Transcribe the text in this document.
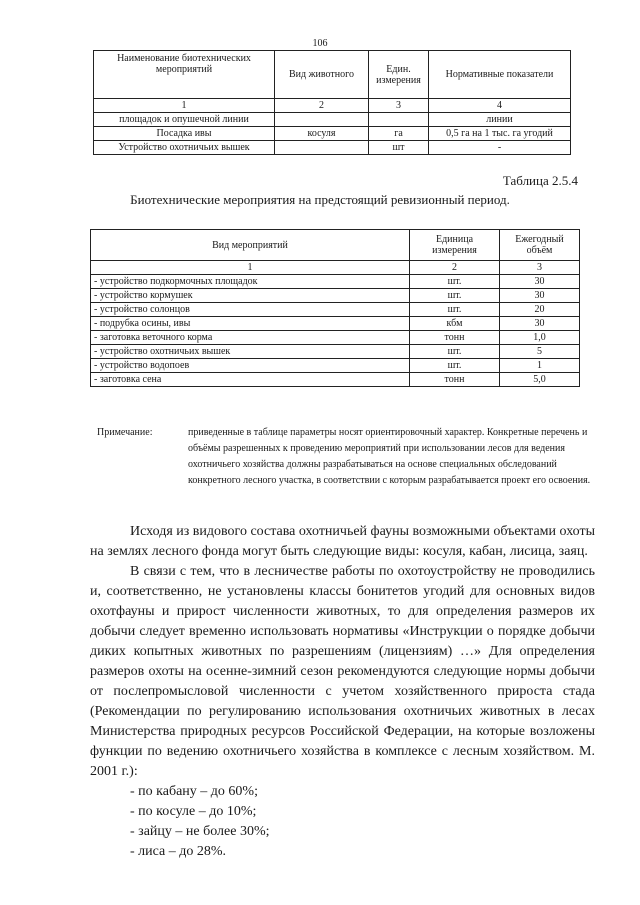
106
Наименование биотехнических мероприятий	Вид животного	Един. измерения	Нормативные показатели
1	2	3	4
площадок и опушечной линии			линии
Посадка ивы	косуля	га	0,5 га на 1 тыс. га угодий
Устройство охотничьих вышек		шт	-
Таблица 2.5.4
Биотехнические мероприятия на предстоящий ревизионный период.
Вид мероприятий	Единица измерения	Ежегодный объём
1	2	3
- устройство подкормочных площадок	шт.	30
- устройство кормушек	шт.	30
- устройство солонцов	шт.	20
- подрубка осины, ивы	кбм	30
- заготовка веточного корма	тонн	1,0
- устройство охотничьих вышек	шт.	5
- устройство водопоев	шт.	1
- заготовка сена	тонн	5,0
Примечание:	приведенные в таблице параметры носят ориентировочный характер. Конкретные перечень и объёмы разрешенных к проведению мероприятий при использовании лесов для ведения охотничьего хозяйства должны разрабатываться на основе специальных обследований конкретного лесного участка, в соответствии с которым разрабатывается проект его освоения.

Исходя из видового состава охотничьей фауны возможными объектами охоты на землях лесного фонда могут быть следующие виды: косуля, кабан, лисица, заяц.

В связи с тем, что в лесничестве работы по охотоустройству не проводились и, соответственно, не установлены классы бонитетов угодий для основных видов охотфауны и прирост численности животных, то для определения размеров их добычи следует временно использовать нормативы «Инструкции о порядке добычи диких копытных животных по разрешениям (лицензиям) …» Для определения размеров охоты на осенне-зимний сезон рекомендуются следующие нормы добычи от послепромысловой численности с учетом хозяйственного прироста стада (Рекомендации по регулированию использования охотничьих животных в лесах Министерства природных ресурсов Российской Федерации, на которые возложены функции по ведению охотничьего хозяйства в комплексе с лесным хозяйством. М. 2001 г.):

- по кабану – до 60%;
- по косуле – до 10%;
- зайцу – не более 30%;
- лиса – до 28%.
